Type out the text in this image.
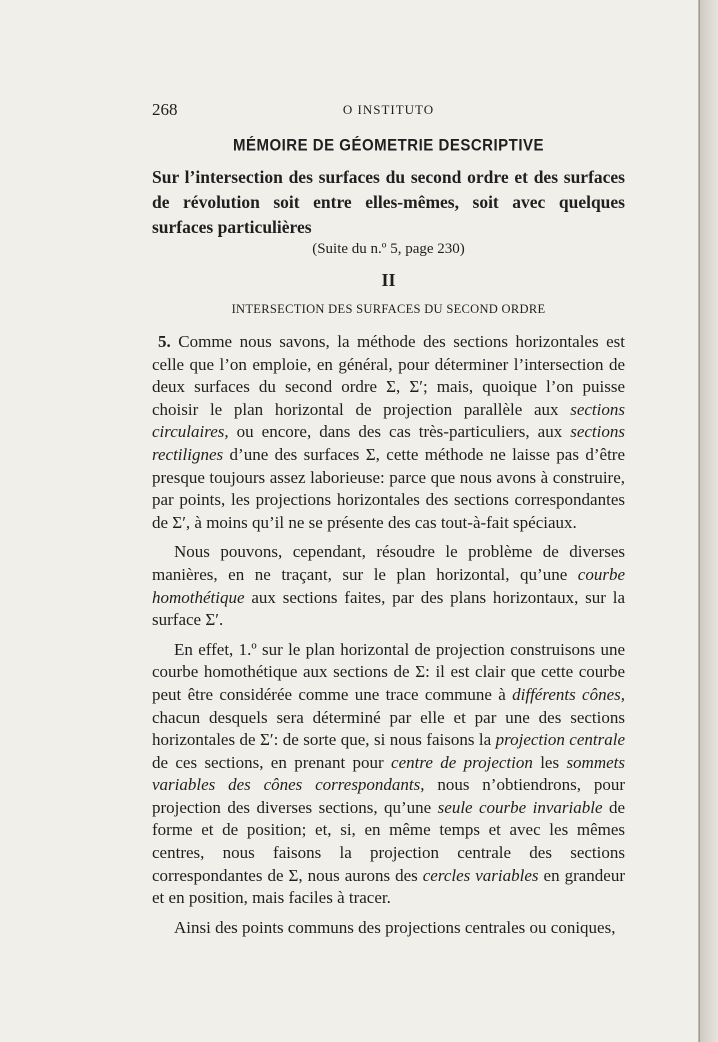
268	O INSTITUTO
MÉMOIRE DE GÉOMETRIE DESCRIPTIVE
Sur l’intersection des surfaces du second ordre et des surfaces de révolution soit entre elles-mêmes, soit avec quelques surfaces particulières
(Suite du n.º 5, page 230)
II
INTERSECTION DES SURFACES DU SECOND ORDRE

5. Comme nous savons, la méthode des sections horizontales est celle que l’on emploie, en général, pour déterminer l’intersection de deux surfaces du second ordre Σ, Σ′; mais, quoique l’on puisse choisir le plan horizontal de projection parallèle aux sections circulaires, ou encore, dans des cas très-particuliers, aux sections rectilignes d’une des surfaces Σ, cette méthode ne laisse pas d’être presque toujours assez laborieuse: parce que nous avons à construire, par points, les projections horizontales des sections correspondantes de Σ′, à moins qu’il ne se présente des cas tout-à-fait spéciaux.

Nous pouvons, cependant, résoudre le problème de diverses manières, en ne traçant, sur le plan horizontal, qu’une courbe homothétique aux sections faites, par des plans horizontaux, sur la surface Σ′.

En effet, 1.º sur le plan horizontal de projection construisons une courbe homothétique aux sections de Σ: il est clair que cette courbe peut être considérée comme une trace commune à différents cônes, chacun desquels sera déterminé par elle et par une des sections horizontales de Σ′: de sorte que, si nous faisons la projection centrale de ces sections, en prenant pour centre de projection les sommets variables des cônes correspondants, nous n’obtiendrons, pour projection des diverses sections, qu’une seule courbe invariable de forme et de position; et, si, en même temps et avec les mêmes centres, nous faisons la projection centrale des sections correspondantes de Σ, nous aurons des cercles variables en grandeur et en position, mais faciles à tracer.

Ainsi des points communs des projections centrales ou coniques,
